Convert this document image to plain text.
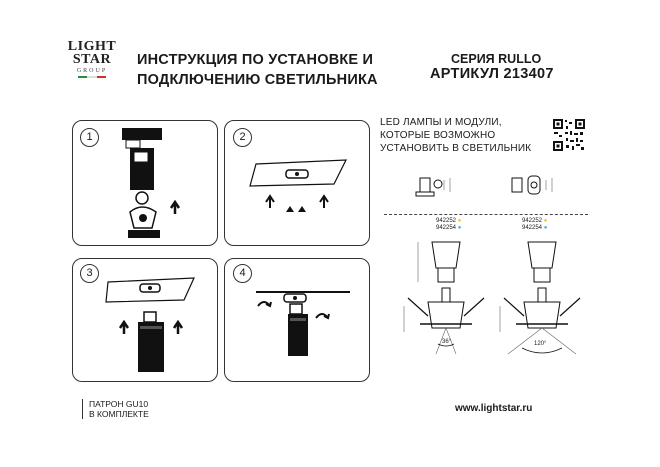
LIGHT
STAR
GROUP
ИНСТРУКЦИЯ ПО УСТАНОВКЕ И
ПОДКЛЮЧЕНИЮ СВЕТИЛЬНИКА
СЕРИЯ RULLO
АРТИКУЛ 213407
1	2
3	4
LED ЛАМПЫ И МОДУЛИ,
КОТОРЫЕ ВОЗМОЖНО
УСТАНОВИТЬ В СВЕТИЛЬНИК
942252 ●
942254 ●
942252 ●
942254 ●
36°	120°
ПАТРОН GU10
В КОМПЛЕКТЕ	www.lightstar.ru
